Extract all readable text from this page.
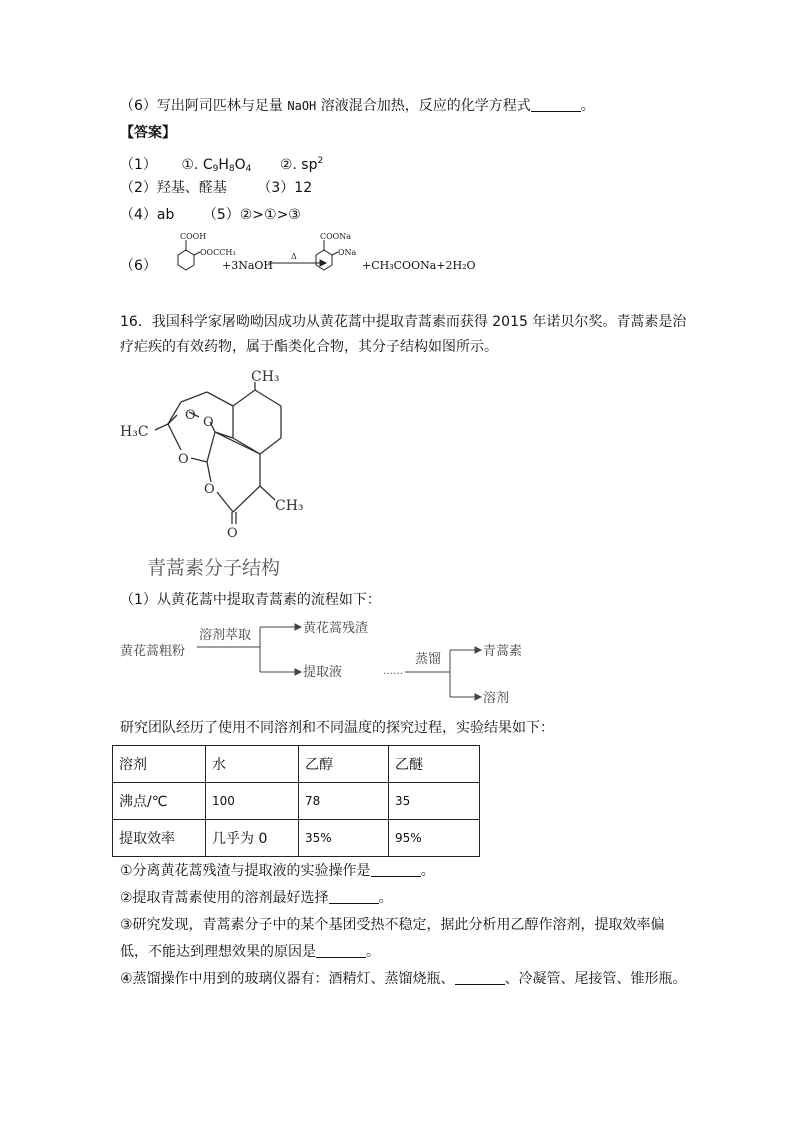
（6）写出阿司匹林与足量 NaOH 溶液混合加热，反应的化学方程式	。
【答案】
（1） ①. $C_9H_8O_4$ ②. $sp^2$
（2）羟基、醛基 （3）12
（4）ab （5）②>①>③
（6）
COOH
OOCCH₃
+3NaOH
Δ
COONa
ONa
+CH₃COONa+2H₂O
16．我国科学家屠呦呦因成功从黄花蒿中提取青蒿素而获得 2015 年诺贝尔奖。青蒿素是治
疗疟疾的有效药物，属于酯类化合物，其分子结构如图所示。
CH₃
H₃C
CH₃
O O
O
O
O
青蒿素分子结构
（1）从黄花蒿中提取青蒿素的流程如下：
黄花蒿粗粉
溶剂萃取	黄花蒿残渣
提取液	……
蒸馏
青蒿素
溶剂
研究团队经历了使用不同溶剂和不同温度的探究过程，实验结果如下：
溶剂	水	乙醇	乙醚
沸点/℃	100	78	35
提取效率	几乎为 0	35%	95%
①分离黄花蒿残渣与提取液的实验操作是	。
②提取青蒿素使用的溶剂最好选择	。
③研究发现，青蒿素分子中的某个基团受热不稳定，据此分析用乙醇作溶剂，提取效率偏
低，不能达到理想效果的原因是	。
④蒸馏操作中用到的玻璃仪器有：酒精灯、蒸馏烧瓶、	、冷凝管、尾接管、锥形瓶。
